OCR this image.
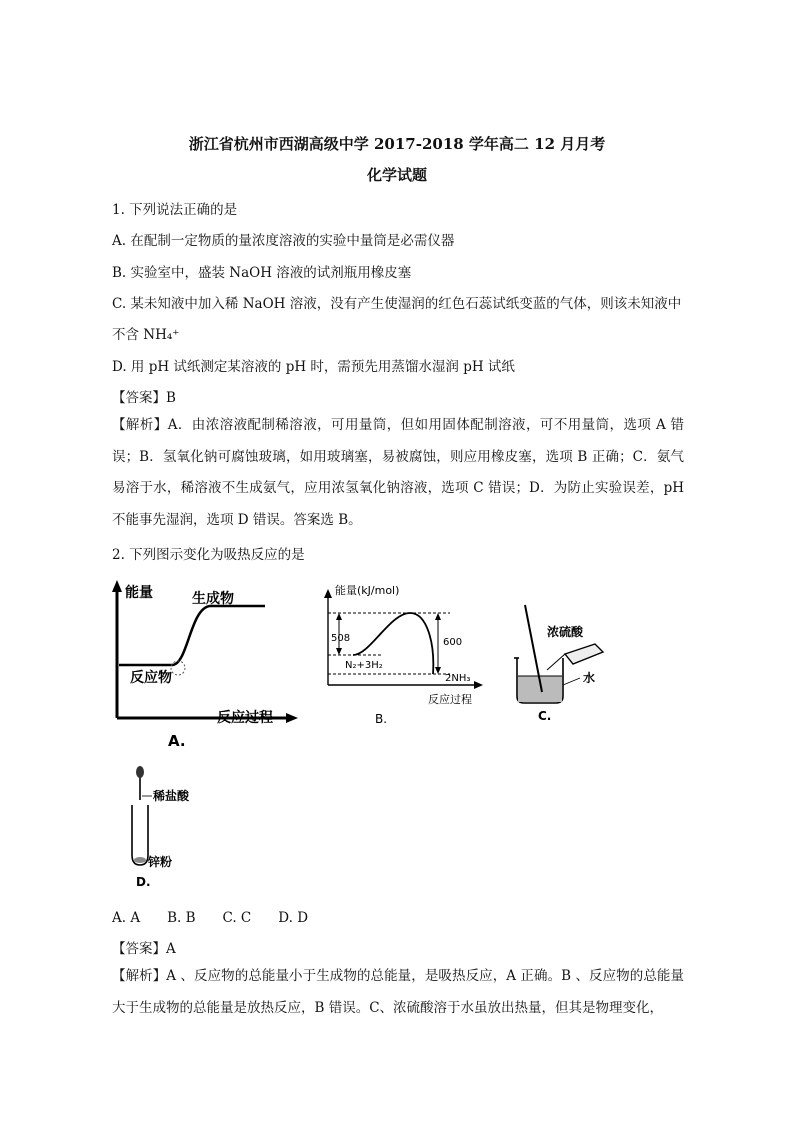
浙江省杭州市西湖高级中学 2017-2018 学年高二 12 月月考
化学试题
1. 下列说法正确的是
A. 在配制一定物质的量浓度溶液的实验中量筒是必需仪器
B. 实验室中，盛装 NaOH 溶液的试剂瓶用橡皮塞
C. 某未知液中加入稀 NaOH 溶液，没有产生使湿润的红色石蕊试纸变蓝的气体，则该未知液中
不含 NH₄⁺
D. 用 pH 试纸测定某溶液的 pH 时，需预先用蒸馏水湿润 pH 试纸
【答案】B
【解析】A．由浓溶液配制稀溶液，可用量筒，但如用固体配制溶液，可不用量筒，选项 A 错误；B．氢氧化钠可腐蚀玻璃，如用玻璃塞，易被腐蚀，则应用橡皮塞，选项 B 正确；C．氨气易溶于水，稀溶液不生成氨气，应用浓氢氧化钠溶液，选项 C 错误；D．为防止实验误差，pH 不能事先湿润，选项 D 错误。答案选 B。
2. 下列图示变化为吸热反应的是
能量	生成物
反应物
反应过程
A.
能量(kJ/mol)
508	600
N₂+3H₂
2NH₃
反应过程
B.
浓硫酸
水
C.
稀盐酸
锌粉
D.
A. A　　B. B　　C. C　　D. D
【答案】A
【解析】A 、反应物的总能量小于生成物的总能量，是吸热反应，A 正确。B 、反应物的总能量大于生成物的总能量是放热反应，B 错误。C、浓硫酸溶于水虽放出热量，但其是物理变化，
